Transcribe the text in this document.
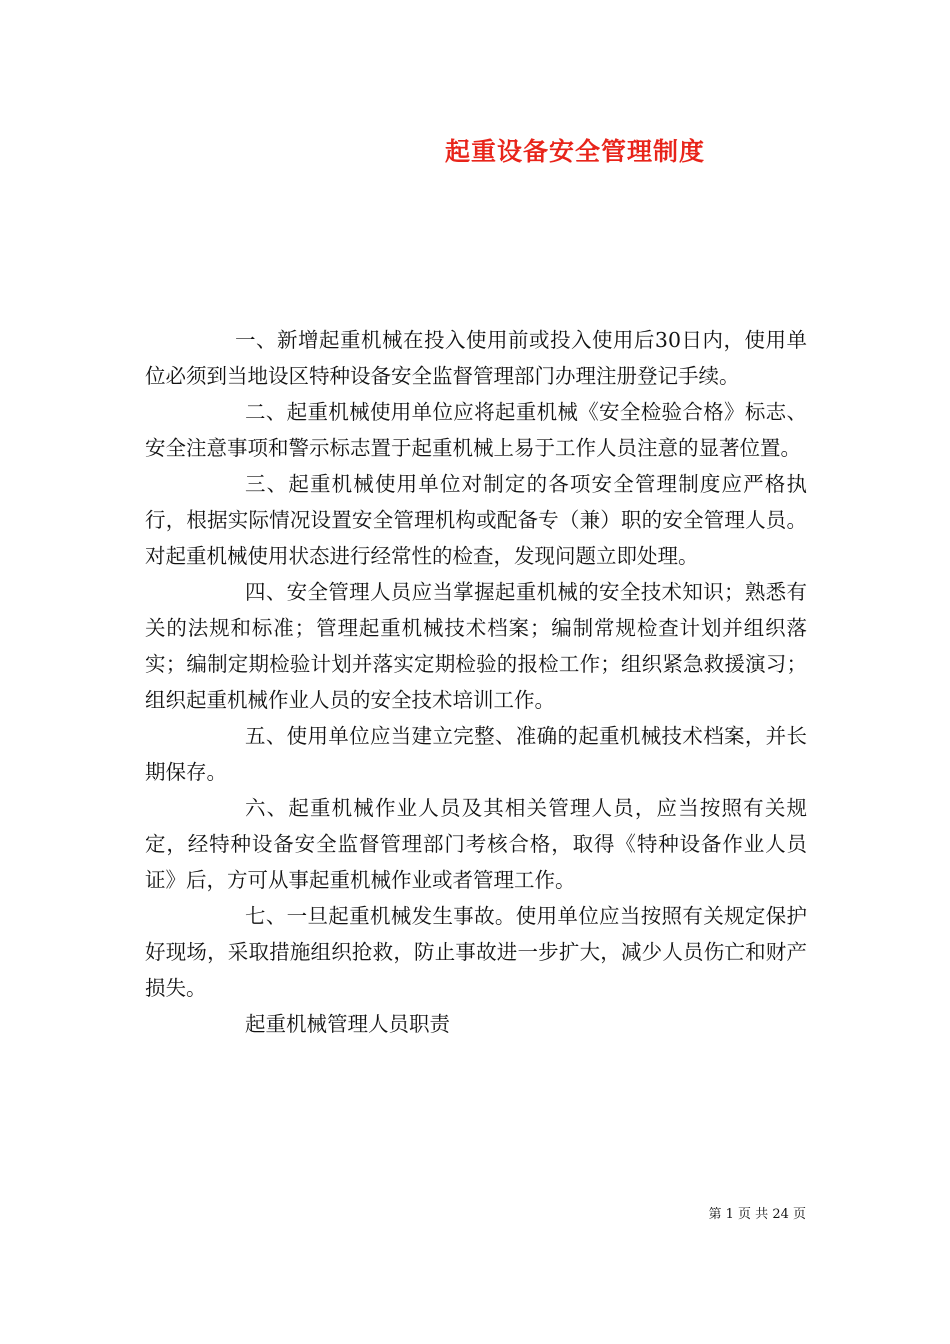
起重设备安全管理制度

一、新增起重机械在投入使用前或投入使用后30日内，使用单位必须到当地设区特种设备安全监督管理部门办理注册登记手续。

二、起重机械使用单位应将起重机械《安全检验合格》标志、安全注意事项和警示标志置于起重机械上易于工作人员注意的显著位置。

三、起重机械使用单位对制定的各项安全管理制度应严格执行，根据实际情况设置安全管理机构或配备专（兼）职的安全管理人员。对起重机械使用状态进行经常性的检查，发现问题立即处理。

四、安全管理人员应当掌握起重机械的安全技术知识；熟悉有关的法规和标准；管理起重机械技术档案；编制常规检查计划并组织落实；编制定期检验计划并落实定期检验的报检工作；组织紧急救援演习；组织起重机械作业人员的安全技术培训工作。

五、使用单位应当建立完整、准确的起重机械技术档案，并长期保存。

六、起重机械作业人员及其相关管理人员，应当按照有关规定，经特种设备安全监督管理部门考核合格，取得《特种设备作业人员证》后，方可从事起重机械作业或者管理工作。

七、一旦起重机械发生事故。使用单位应当按照有关规定保护好现场，采取措施组织抢救，防止事故进一步扩大，减少人员伤亡和财产损失。

起重机械管理人员职责

第 1 页 共 24 页
